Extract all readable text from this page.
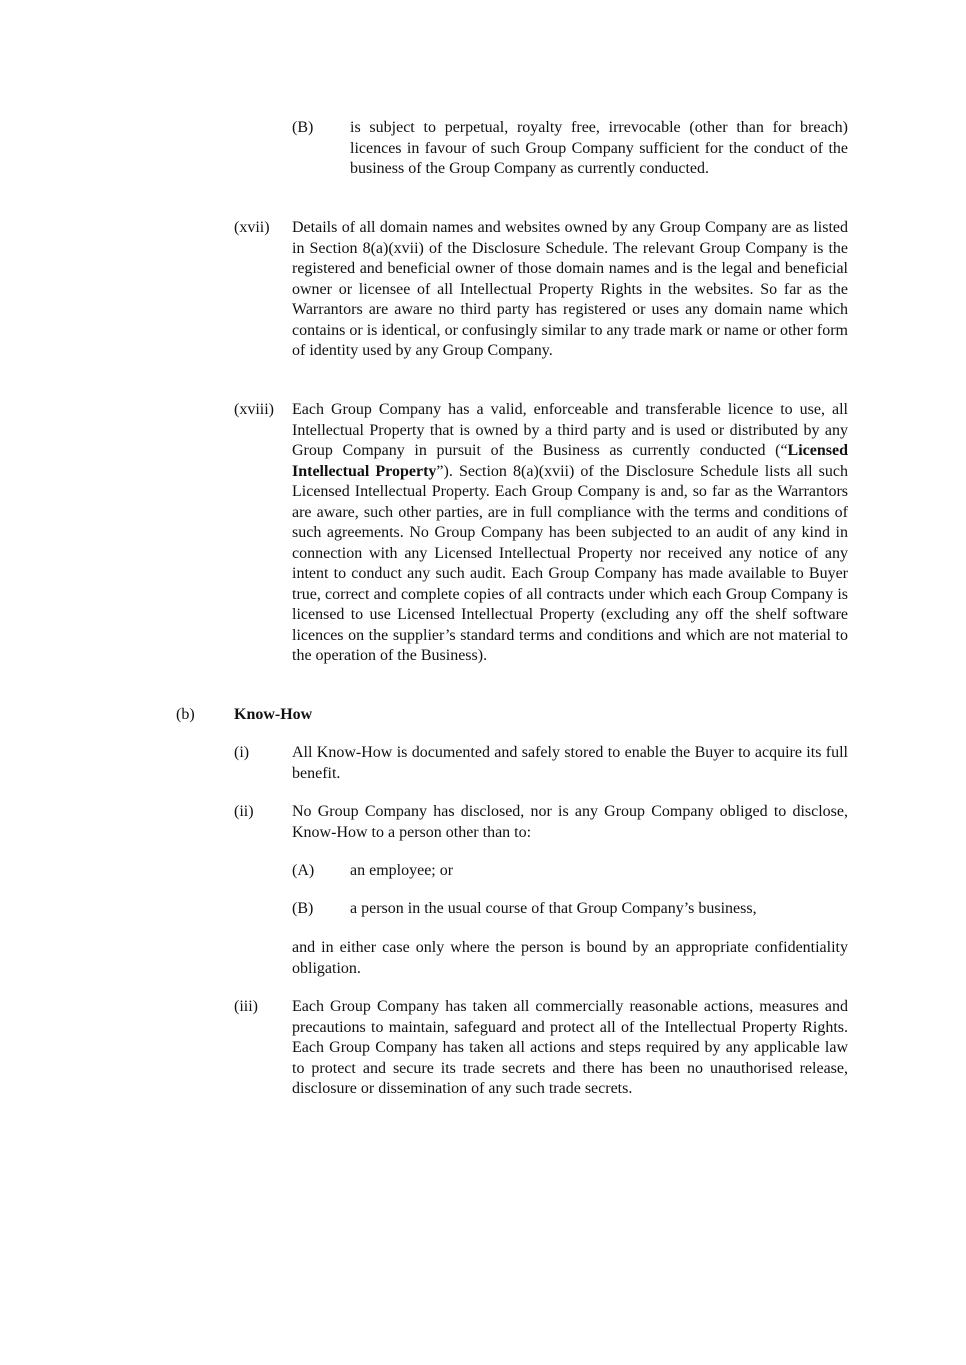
(B)	is subject to perpetual, royalty free, irrevocable (other than for breach) licences in favour of such Group Company sufficient for the conduct of the business of the Group Company as currently conducted.
(xvii)	Details of all domain names and websites owned by any Group Company are as listed in Section 8(a)(xvii) of the Disclosure Schedule. The relevant Group Company is the registered and beneficial owner of those domain names and is the legal and beneficial owner or licensee of all Intellectual Property Rights in the websites. So far as the Warrantors are aware no third party has registered or uses any domain name which contains or is identical, or confusingly similar to any trade mark or name or other form of identity used by any Group Company.
(xviii)	Each Group Company has a valid, enforceable and transferable licence to use, all Intellectual Property that is owned by a third party and is used or distributed by any Group Company in pursuit of the Business as currently conducted (“Licensed Intellectual Property”). Section 8(a)(xvii) of the Disclosure Schedule lists all such Licensed Intellectual Property. Each Group Company is and, so far as the Warrantors are aware, such other parties, are in full compliance with the terms and conditions of such agreements. No Group Company has been subjected to an audit of any kind in connection with any Licensed Intellectual Property nor received any notice of any intent to conduct any such audit. Each Group Company has made available to Buyer true, correct and complete copies of all contracts under which each Group Company is licensed to use Licensed Intellectual Property (excluding any off the shelf software licences on the supplier’s standard terms and conditions and which are not material to the operation of the Business).
(b)	Know-How
(i)	All Know-How is documented and safely stored to enable the Buyer to acquire its full benefit.
(ii)	No Group Company has disclosed, nor is any Group Company obliged to disclose, Know-How to a person other than to:
(A)	an employee; or
(B)	a person in the usual course of that Group Company’s business,
and in either case only where the person is bound by an appropriate confidentiality obligation.
(iii)	Each Group Company has taken all commercially reasonable actions, measures and precautions to maintain, safeguard and protect all of the Intellectual Property Rights. Each Group Company has taken all actions and steps required by any applicable law to protect and secure its trade secrets and there has been no unauthorised release, disclosure or dissemination of any such trade secrets.
